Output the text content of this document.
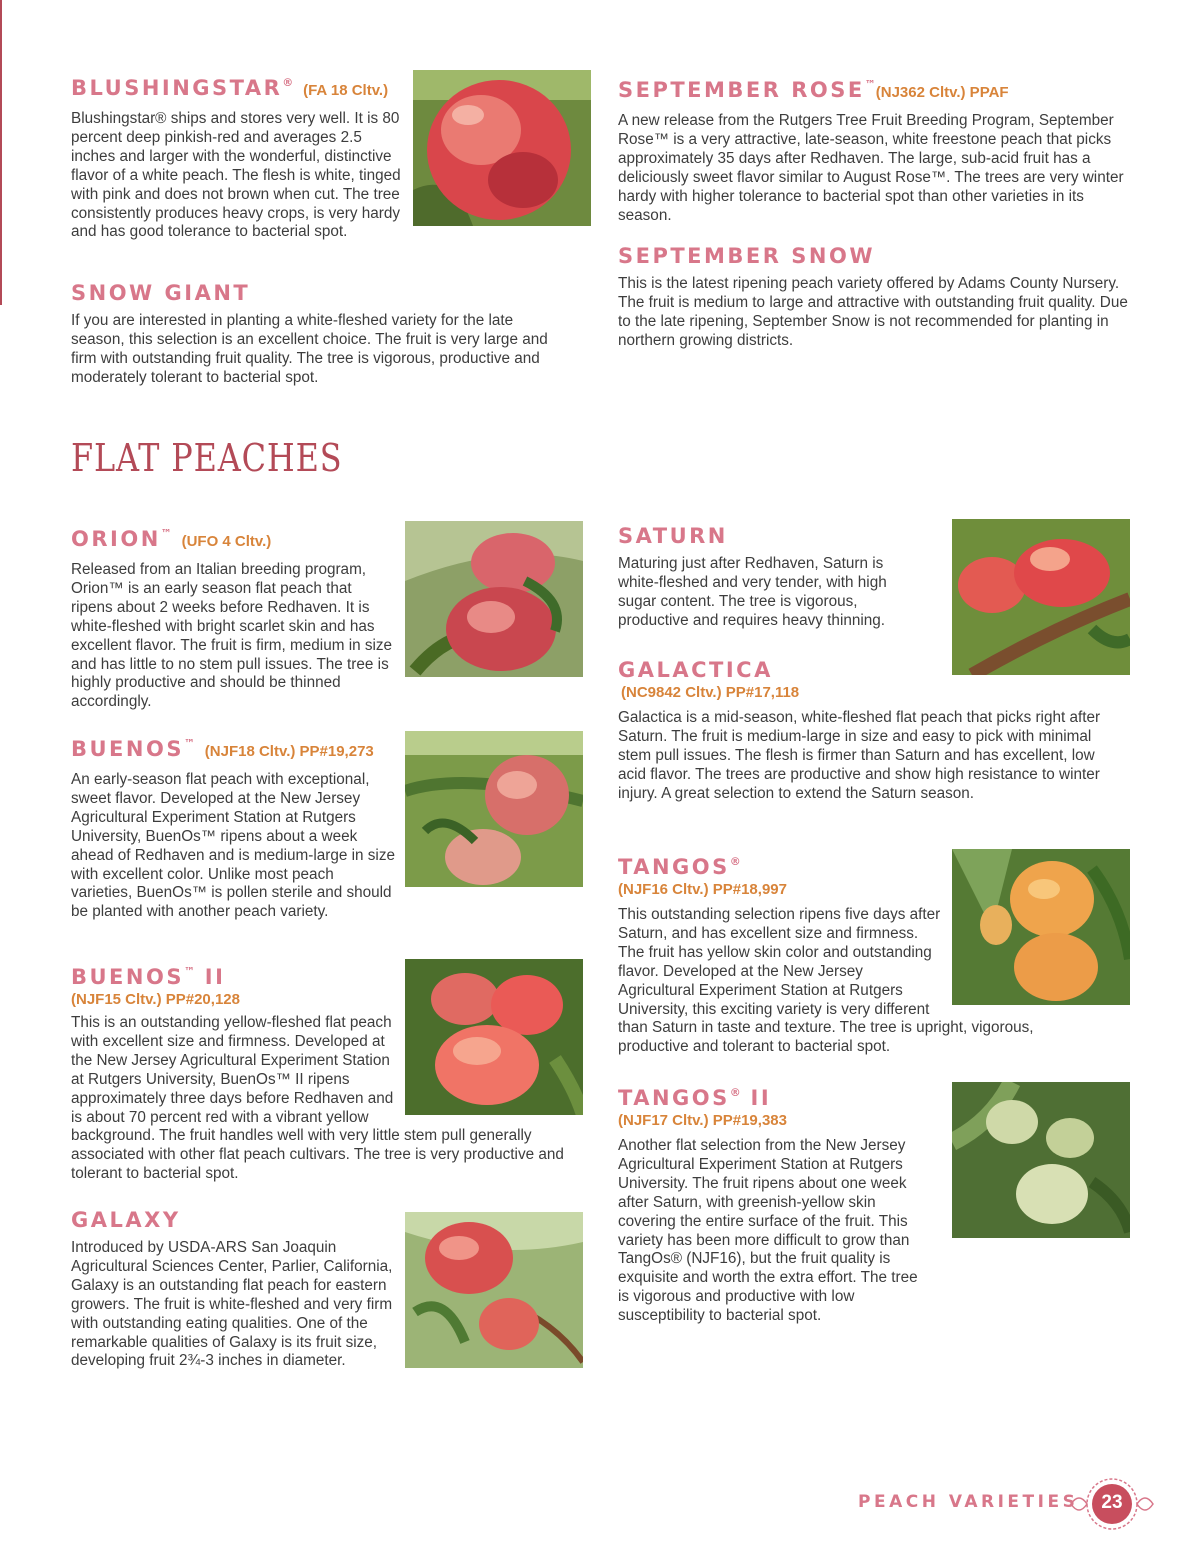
BLUSHINGSTAR® (FA 18 Cltv.)

Blushingstar® ships and stores very well. It is 80 percent deep pinkish-red and averages 2.5 inches and larger with the wonderful, distinctive flavor of a white peach. The flesh is white, tinged with pink and does not brown when cut. The tree consistently produces heavy crops, is very hardy and has good tolerance to bacterial spot.

SNOW GIANT

If you are interested in planting a white-fleshed variety for the late season, this selection is an excellent choice. The fruit is very large and firm with outstanding fruit quality. The tree is vigorous, productive and moderately tolerant to bacterial spot.

SEPTEMBER ROSE™(NJ362 Cltv.) PPAF

A new release from the Rutgers Tree Fruit Breeding Program, September Rose™ is a very attractive, late-season, white freestone peach that picks approximately 35 days after Redhaven. The large, sub-acid fruit has a deliciously sweet flavor similar to August Rose™. The trees are very winter hardy with higher tolerance to bacterial spot than other varieties in its season.

SEPTEMBER SNOW

This is the latest ripening peach variety offered by Adams County Nursery. The fruit is medium to large and attractive with outstanding fruit quality. Due to the late ripening, September Snow is not recommended for planting in northern growing districts.

FLAT PEACHES
ORION™ (UFO 4 Cltv.)

Released from an Italian breeding program, Orion™ is an early season flat peach that ripens about 2 weeks before Redhaven. It is white-fleshed with bright scarlet skin and has excellent flavor. The fruit is firm, medium in size and has little to no stem pull issues. The tree is highly productive and should be thinned accordingly.

BUENOS™ (NJF18 Cltv.) PP#19,273

An early-season flat peach with exceptional, sweet flavor. Developed at the New Jersey Agricultural Experiment Station at Rutgers University, BuenOs™ ripens about a week ahead of Redhaven and is medium-large in size with excellent color. Unlike most peach varieties, BuenOs™ is pollen sterile and should be planted with another peach variety.

BUENOS™ II
(NJF15 Cltv.) PP#20,128

This is an outstanding yellow-fleshed flat peach with excellent size and firmness. Developed at the New Jersey Agricultural Experiment Station at Rutgers University, BuenOs™ II ripens approximately three days before Redhaven and is about 70 percent red with a vibrant yellow background. The fruit handles well with very little stem pull generally associated with other flat peach cultivars. The tree is very productive and tolerant to bacterial spot.

GALAXY

Introduced by USDA-ARS San Joaquin Agricultural Sciences Center, Parlier, California, Galaxy is an outstanding flat peach for eastern growers. The fruit is white-fleshed and very firm with outstanding eating qualities. One of the remarkable qualities of Galaxy is its fruit size, developing fruit 2¾-3 inches in diameter.

SATURN

Maturing just after Redhaven, Saturn is white-fleshed and very tender, with high sugar content. The tree is vigorous, productive and requires heavy thinning.

GALACTICA
(NC9842 Cltv.) PP#17,118

Galactica is a mid-season, white-fleshed flat peach that picks right after Saturn. The fruit is medium-large in size and easy to pick with minimal stem pull issues. The flesh is firmer than Saturn and has excellent, low acid flavor. The trees are productive and show high resistance to winter injury. A great selection to extend the Saturn season.

TANGOS®
(NJF16 Cltv.) PP#18,997

This outstanding selection ripens five days after Saturn, and has excellent size and firmness. The fruit has yellow skin color and outstanding flavor. Developed at the New Jersey Agricultural Experiment Station at Rutgers University, this exciting variety is very different than Saturn in taste and texture. The tree is upright, vigorous, productive and tolerant to bacterial spot.

TANGOS® II
(NJF17 Cltv.) PP#19,383

Another flat selection from the New Jersey Agricultural Experiment Station at Rutgers University. The fruit ripens about one week after Saturn, with greenish-yellow skin covering the entire surface of the fruit. This variety has been more difficult to grow than TangOs® (NJF16), but the fruit quality is exquisite and worth the extra effort. The tree is vigorous and productive with low susceptibility to bacterial spot.

PEACH VARIETIES	23
